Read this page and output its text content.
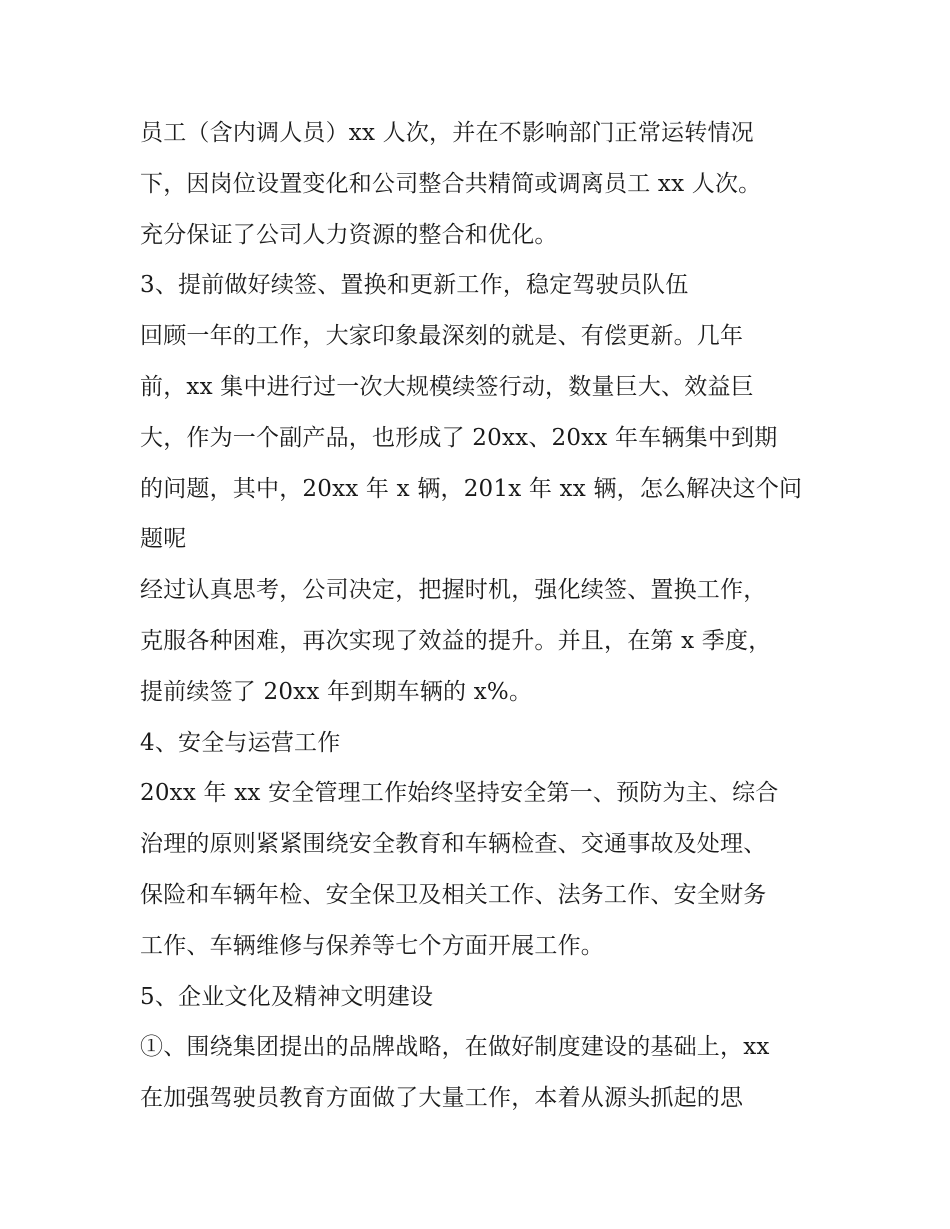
员工（含内调人员）xx 人次，并在不影响部门正常运转情况
下，因岗位设置变化和公司整合共精简或调离员工 xx 人次。
充分保证了公司人力资源的整合和优化。
3、提前做好续签、置换和更新工作，稳定驾驶员队伍
回顾一年的工作，大家印象最深刻的就是、有偿更新。几年
前，xx 集中进行过一次大规模续签行动，数量巨大、效益巨
大，作为一个副产品，也形成了 20xx、20xx 年车辆集中到期
的问题，其中，20xx 年 x 辆，201x 年 xx 辆，怎么解决这个问
题呢
经过认真思考，公司决定，把握时机，强化续签、置换工作，
克服各种困难，再次实现了效益的提升。并且，在第 x 季度，
提前续签了 20xx 年到期车辆的 x%。
4、安全与运营工作
20xx 年 xx 安全管理工作始终坚持安全第一、预防为主、综合
治理的原则紧紧围绕安全教育和车辆检查、交通事故及处理、
保险和车辆年检、安全保卫及相关工作、法务工作、安全财务
工作、车辆维修与保养等七个方面开展工作。
5、企业文化及精神文明建设
①、围绕集团提出的品牌战略，在做好制度建设的基础上，xx
在加强驾驶员教育方面做了大量工作，本着从源头抓起的思
